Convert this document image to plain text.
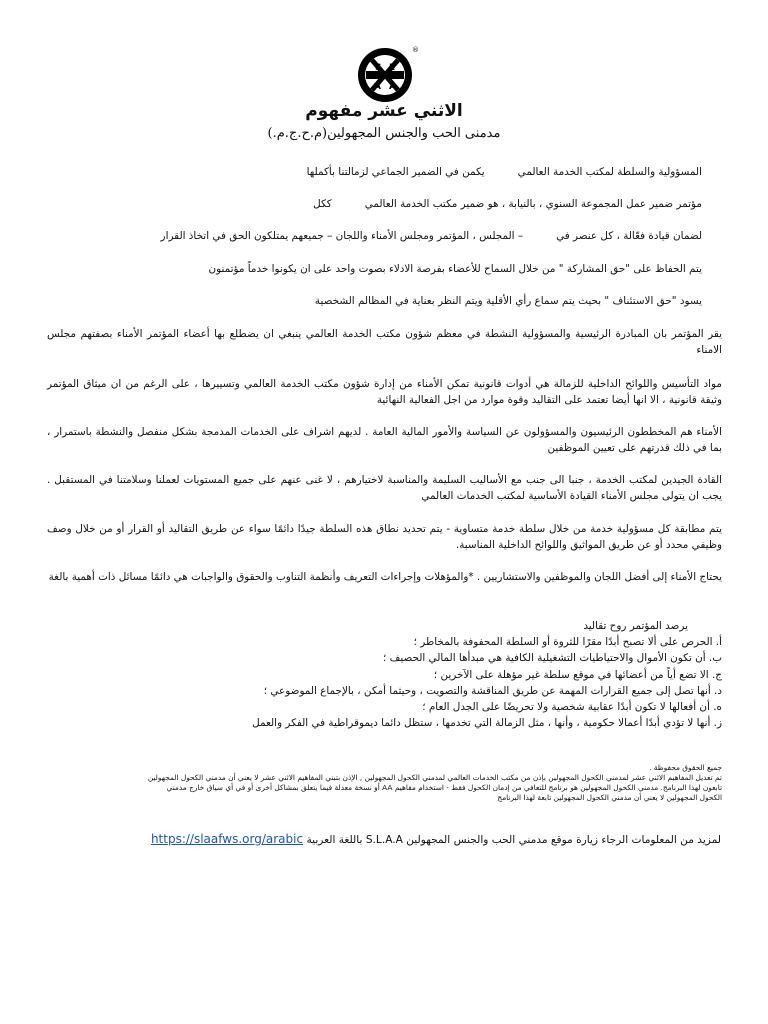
S L
A A
®
الاثني عشر مفهوم
مدمنى الحب والجنس المجهولين(م.ح.ج.م.)
المسؤولية والسلطة لمكتب الخدمة العالمي          يكمن في الضمير الجماعي لزمالتنا بأكملها
مؤتمر ضمير عمل المجموعة السنوي ، بالنيابة ، هو ضمير مكتب الخدمة العالمي          ككل
لضمان قيادة فعّالة ، كل عنصر في          – المجلس ، المؤتمر ومجلس الأمناء واللجان – جميعهم يمتلكون الحق في اتخاذ القرار
يتم الحفاظ على "حق المشاركة " من خلال السماح للأعضاء بفرصة الادلاء بصوت واحد على ان يكونوا خدماً مؤتمنون
يسود "حق الاستئناف " بحيث يتم سماع رأي الأقلية ويتم النظر بعناية في المظالم الشخصية
يقر المؤتمر بان المبادرة الرئيسية والمسؤولية النشطة في معظم شؤون مكتب الخدمة العالمي ينبغي ان يضطلع بها أعضاء المؤتمر الأمناء بصفتهم مجلس الامناء
مواد التأسيس واللوائح الداخلية للزمالة هي أدوات قانونية تمكن الأمناء من إدارة شؤون مكتب الخدمة العالمي وتسييرها ، على الرغم من ان ميثاق المؤتمر وثيقة قانونية ، الا انها أيضا تعتمد على التقاليد وقوة موارد من اجل الفعالية النهائية
الأمناء هم المخططون الرئيسيون والمسؤولون عن السياسة والأمور المالية العامة . لديهم اشراف على الخدمات المدمجة بشكل منفصل والنشطة باستمرار ، بما في ذلك قدرتهم على تعيين الموظفين
القادة الجيدين لمكتب الخدمة ، جنبا الى جنب مع الأساليب السليمة والمناسبة لاختيارهم ، لا غنى عنهم على جميع المستويات لعملنا وسلامتنا في المستقبل . يجب ان يتولى مجلس الأمناء القيادة الأساسية لمكتب الخدمات العالمي
يتم مطابقة كل مسؤولية خدمة من خلال سلطة خدمة متساوية - يتم تحديد نطاق هذه السلطة جيدًا دائمًا سواء عن طريق التقاليد أو القرار أو من خلال وصف وظيفي محدد أو عن طريق المواثيق واللوائح الداخلية المناسبة.
يحتاج الأمناء إلى أفضل اللجان والموظفين والاستشاريين . *والمؤهلات وإجراءات التعريف وأنظمة التناوب والحقوق والواجبات هي دائمًا مسائل ذات أهمية بالغة
يرصد المؤتمر روح تقاليد
أ. الحرص على ألا تصبح أبدًا مقرًا للثروة أو السلطة المحفوفة بالمخاطر ؛
ب. أن تكون الأموال والاحتياطيات التشغيلية الكافية هي مبدأها المالي الحصيف ؛
ج. الا تضع أياً من أعضائها في موقع سلطة غير مؤهلة على الآخرين ؛
د. أنها تصل إلى جميع القرارات المهمة عن طريق المناقشة والتصويت ، وحيثما أمكن ، بالإجماع الموضوعي ؛
ه. أن أفعالها لا تكون أبدًا عقابية شخصية ولا تحريضًا على الجدل العام ؛
ز. أنها لا تؤدي أبدًا أعمالا حكومية ، وأنها ، مثل الزمالة التي تخدمها ، ستظل دائما ديموقراطية في الفكر والعمل
جميع الحقوق محفوظة .
تم تعديل المفاهيم الاثني عشر لمدمني الكحول المجهولين بإذن من مكتب الخدمات العالمي لمدمني الكحول المجهولين , الإذن بتبني المفاهيم الاثني عشر لا يعني أن مدمني الكحول المجهولين
تابعون لهذا البرنامج. مدمني الكحول المجهولين هو برنامج للتعافي من إدمان الكحول فقط - استخدام مفاهيم AA أو نسخة معدلة فيما يتعلق بمشاكل أخرى أو في أي سياق خارج مدمني
الكحول المجهولين لا يعني أن مدمني الكحول المجهولين تابعة لهذا البرنامج
لمزيد من المعلومات الرجاء زيارة موقع مدمني الحب والجنس المجهولين S.L.A.A باللغة العربية https://slaafws.org/arabic
